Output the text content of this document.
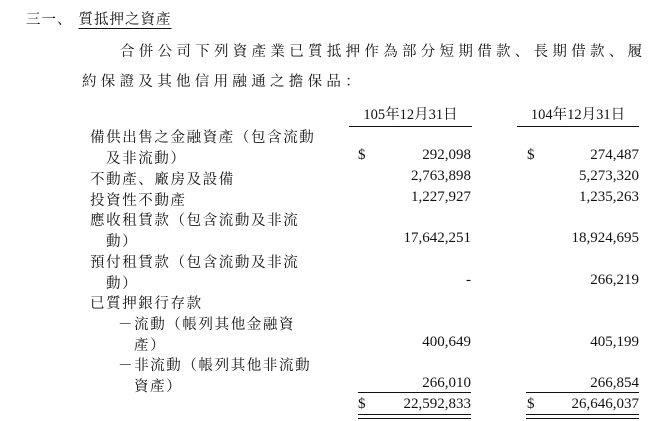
三一、 質抵押之資產
合併公司下列資產業已質抵押作為部分短期借款、長期借款、履
約保證及其他信用融通之擔保品：
105年12月31日	104年12月31日
備供出售之金融資產（包含流動
及非流動）	$	292,098	$	274,487
不動產、廠房及設備	2,763,898	5,273,320
投資性不動產	1,227,927	1,235,263
應收租賃款（包含流動及非流
動）	17,642,251	18,924,695
預付租賃款（包含流動及非流
動）	-	266,219
已質押銀行存款
－流動（帳列其他金融資
產）	400,649	405,199
－非流動（帳列其他非流動
資產）	266,010	266,854
$	22,592,833	$	26,646,037
